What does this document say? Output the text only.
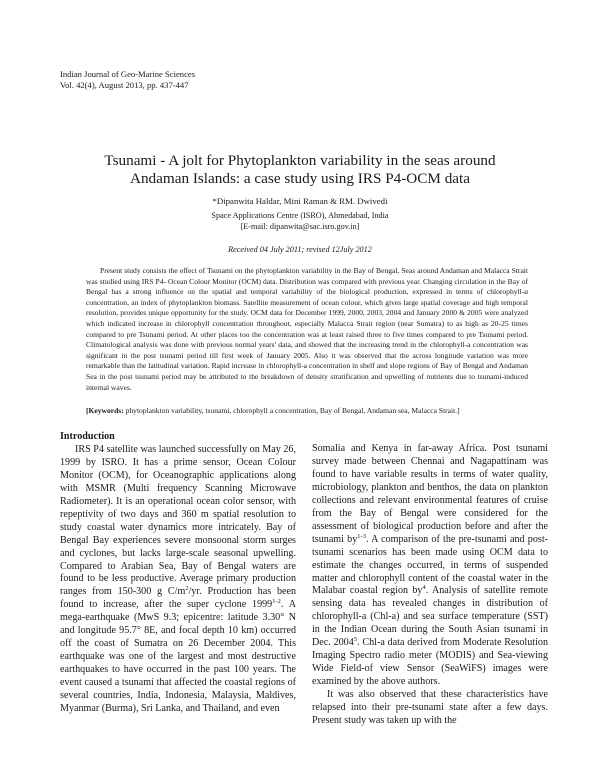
Indian Journal of Geo-Marine Sciences
Vol. 42(4), August 2013, pp. 437-447
Tsunami - A jolt for Phytoplankton variability in the seas around
Andaman Islands: a case study using IRS P4-OCM data
*Dipanwita Haldar, Mini Raman & RM. Dwivedi
Space Applications Centre (ISRO), Ahmedabad, India
[E-mail: dipanwita@sac.isro.gov.in]
Received 04 July 2011; revised 12July 2012
Present study consists the effect of Tsunami on the phytoplankton variability in the Bay of Bengal, Seas around Andaman and Malacca Strait was studied using IRS P4- Ocean Colour Monitor (OCM) data. Distribution was compared with previous year. Changing circulation in the Bay of Bengal has a strong influence on the spatial and temporal variability of the biological production, expressed in terms of chlorophyll-a concentration, an index of phytoplankton biomass. Satellite measurement of ocean colour, which gives large spatial coverage and high temporal resolution, provides unique opportunity for the study. OCM data for December 1999, 2000, 2003, 2004 and January 2000 & 2005 were analyzed which indicated increase in chlorophyll concentration throughout, especially Malacca Strait region (near Sumatra) to as high as 20-25 times compared to pre Tsunami period. At other places too the concentration was at least raised three to five times compared to pre Tsunami period. Climatological analysis was done with previous normal years' data, and showed that the increasing trend in the chlorophyll-a concentration was significant in the post tsunami period till first week of January 2005. Also it was observed that the across longitude variation was more remarkable than the latitudinal variation. Rapid increase in chlorophyll-a concentration in shelf and slope regions of Bay of Bengal and Andaman Sea in the post tsunami period may be attributed to the breakdown of density stratification and upwelling of nutrients due to tsunami-induced internal waves.
[Keywords: phytoplankton variability, tsunami, chlorophyll a concentration, Bay of Bengal, Andaman sea, Malacca Strait.]
Introduction

IRS P4 satellite was launched successfully on May 26, 1999 by ISRO. It has a prime sensor, Ocean Colour Monitor (OCM), for Oceanographic applications along with MSMR (Multi frequency Scanning Microwave Radiometer). It is an operational ocean color sensor, with repeptivity of two days and 360 m spatial resolution to study coastal water dynamics more intricately. Bay of Bengal Bay experiences severe monsoonal storm surges and cyclones, but lacks large-scale seasonal upwelling. Compared to Arabian Sea, Bay of Bengal waters are found to be less productive. Average primary production ranges from 150-300 g $C/m^2/yr$. Production has been found to increase, after the super cyclone 1999$^{1-2}$. A mega-earthquake (MwS 9.3; epicentre: latitude 3.30° N and longitude 95.7° 8E, and focal depth 10 km) occurred off the coast of Sumatra on 26 December 2004. This earthquake was one of the largest and most destructive earthquakes to have occurred in the past 100 years. The event caused a tsunami that affected the coastal regions of several countries, India, Indonesia, Malaysia, Maldives, Myanmar (Burma), Sri Lanka, and Thailand, and even

Somalia and Kenya in far-away Africa. Post tsunami survey made between Chennai and Nagapattinam was found to have variable results in terms of water quality, microbiology, plankton and benthos, the data on plankton collections and relevant environmental features of cruise from the Bay of Bengal were considered for the assessment of biological production before and after the tsunami $by^{1-3}$. A comparison of the pre-tsunami and post-tsunami scenarios has been made using OCM data to estimate the changes occurred, in terms of suspended matter and chlorophyll content of the coastal water in the Malabar coastal region $by^4$. Analysis of satellite remote sensing data has revealed changes in distribution of chlorophyll-a (Chl-a) and sea surface temperature (SST) in the Indian Ocean during the South Asian tsunami in Dec. 2004$^5$. Chl-a data derived from Moderate Resolution Imaging Spectro radio meter (MODIS) and Sea-viewing Wide Field-of view Sensor (SeaWiFS) images were examined by the above authors.

It was also observed that these characteristics have relapsed into their pre-tsunami state after a few days. Present study was taken up with the
